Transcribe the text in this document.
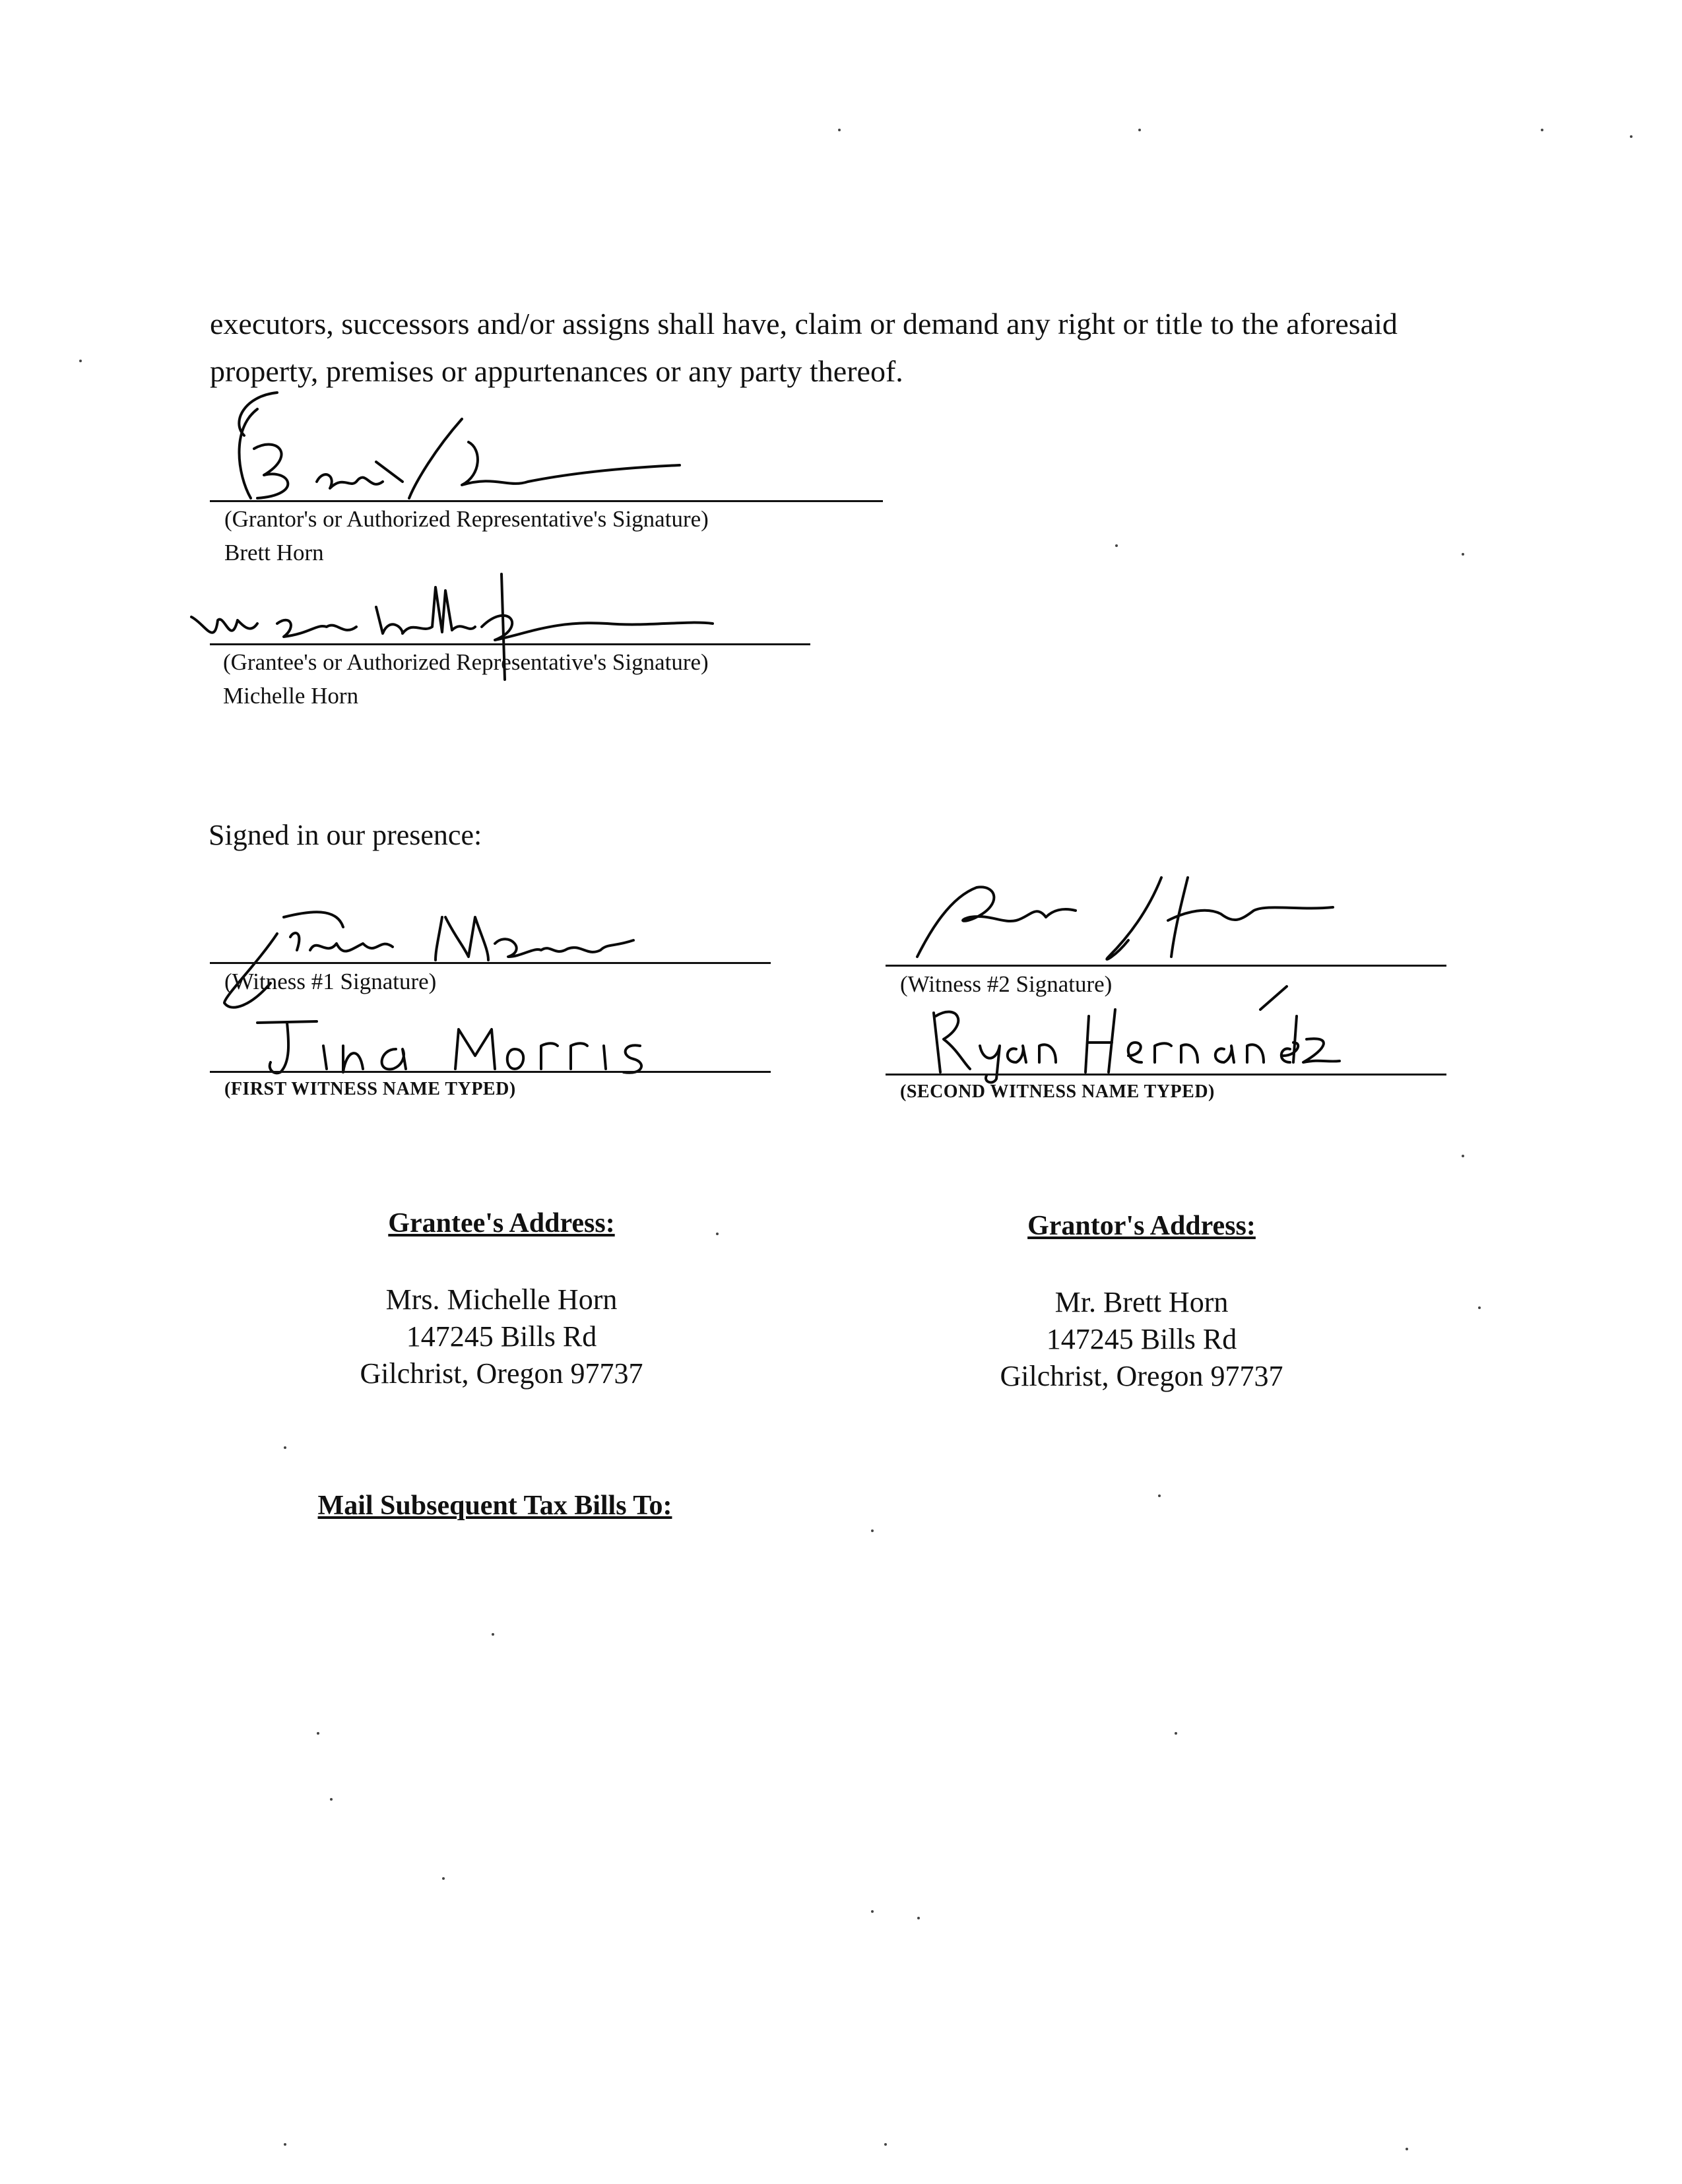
executors, successors and/or assigns shall have, claim or demand any right or title to the aforesaid

property, premises or appurtenances or any party thereof.

(Grantor's or Authorized Representative's Signature)
Brett Horn
(Grantee's or Authorized Representative's Signature)
Michelle Horn
Signed in our presence:
(Witness #1 Signature)
(FIRST WITNESS NAME TYPED)
(Witness #2 Signature)
(SECOND WITNESS NAME TYPED)
Grantee's Address:
Mrs. Michelle Horn
147245 Bills Rd
Gilchrist, Oregon 97737
Grantor's Address:
Mr. Brett Horn
147245 Bills Rd
Gilchrist, Oregon 97737
Mail Subsequent Tax Bills To:
